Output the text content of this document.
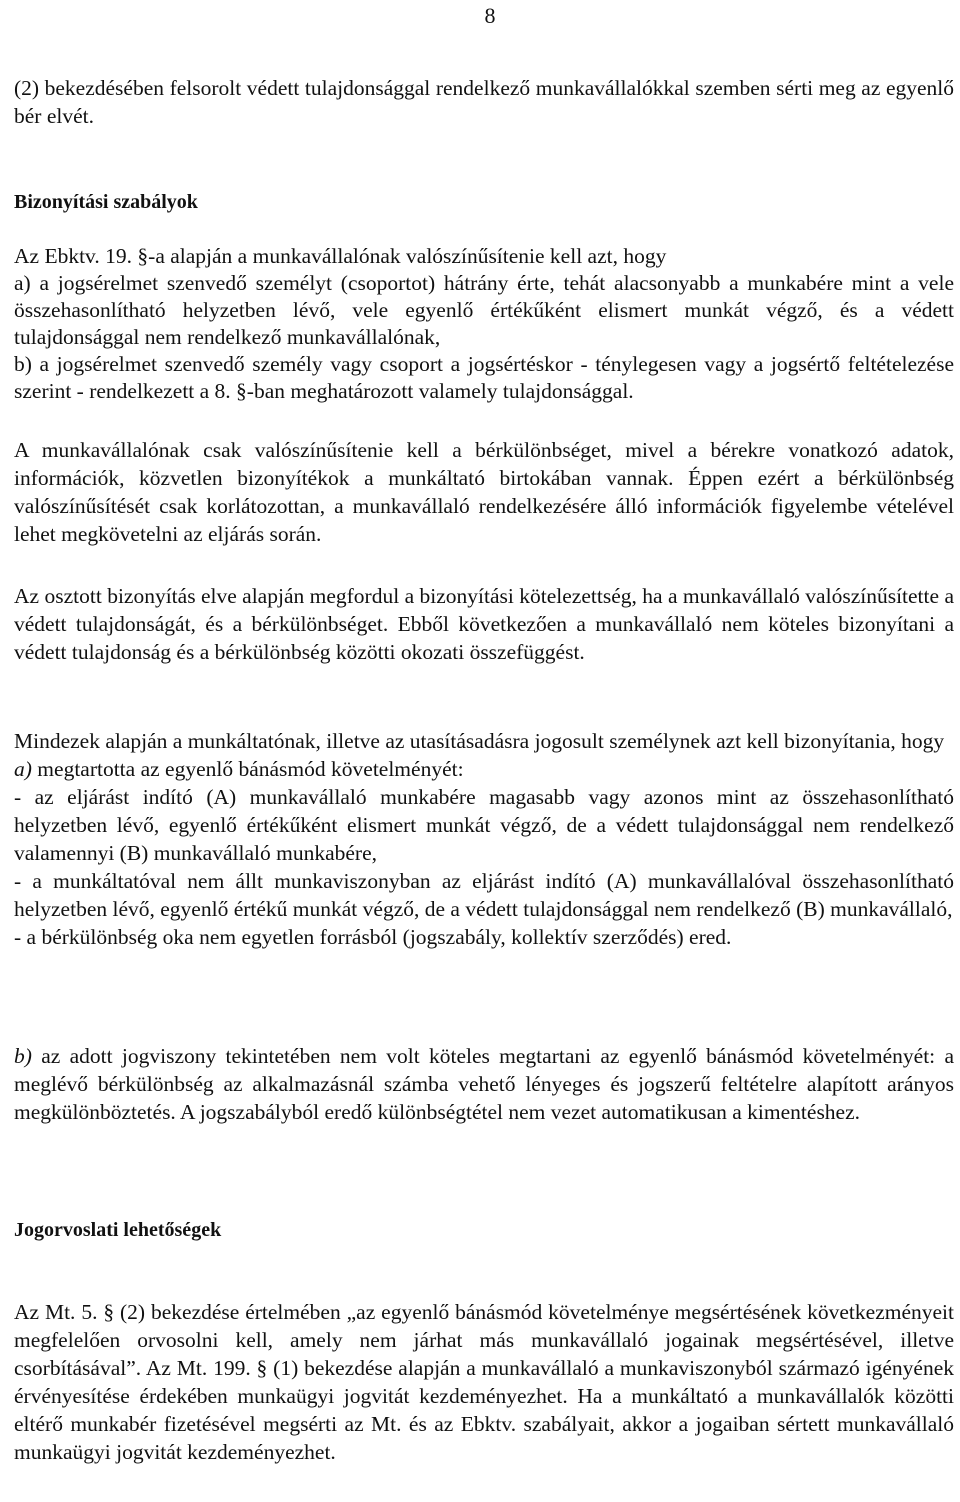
8

(2) bekezdésében felsorolt védett tulajdonsággal rendelkező munkavállalókkal szemben sérti meg az egyenlő bér elvét.

Bizonyítási szabályok

Az Ebktv. 19. §-a alapján a munkavállalónak valószínűsítenie kell azt, hogy
a) a jogsérelmet szenvedő személyt (csoportot) hátrány érte, tehát alacsonyabb a munkabére mint a vele összehasonlítható helyzetben lévő, vele egyenlő értékűként elismert munkát végző, és a védett tulajdonsággal nem rendelkező munkavállalónak,
b) a jogsérelmet szenvedő személy vagy csoport a jogsértéskor - ténylegesen vagy a jogsértő feltételezése szerint - rendelkezett a 8. §-ban meghatározott valamely tulajdonsággal.

A munkavállalónak csak valószínűsítenie kell a bérkülönbséget, mivel a bérekre vonatkozó adatok, információk, közvetlen bizonyítékok a munkáltató birtokában vannak. Éppen ezért a bérkülönbség valószínűsítését csak korlátozottan, a munkavállaló rendelkezésére álló információk figyelembe vételével lehet megkövetelni az eljárás során.

Az osztott bizonyítás elve alapján megfordul a bizonyítási kötelezettség, ha a munkavállaló valószínűsítette a védett tulajdonságát, és a bérkülönbséget. Ebből következően a munkavállaló nem köteles bizonyítani a védett tulajdonság és a bérkülönbség közötti okozati összefüggést.

Mindezek alapján a munkáltatónak, illetve az utasításadásra jogosult személynek azt kell bizonyítania, hogy
a) megtartotta az egyenlő bánásmód követelményét:
- az eljárást indító (A) munkavállaló munkabére magasabb vagy azonos mint az összehasonlítható helyzetben lévő, egyenlő értékűként elismert munkát végző, de a védett tulajdonsággal nem rendelkező valamennyi (B) munkavállaló munkabére,
- a munkáltatóval nem állt munkaviszonyban az eljárást indító (A) munkavállalóval összehasonlítható helyzetben lévő, egyenlő értékű munkát végző, de a védett tulajdonsággal nem rendelkező (B) munkavállaló,
- a bérkülönbség oka nem egyetlen forrásból (jogszabály, kollektív szerződés) ered.

b) az adott jogviszony tekintetében nem volt köteles megtartani az egyenlő bánásmód követelményét: a meglévő bérkülönbség az alkalmazásnál számba vehető lényeges és jogszerű feltételre alapított arányos megkülönböztetés. A jogszabályból eredő különbségtétel nem vezet automatikusan a kimentéshez.

Jogorvoslati lehetőségek

Az Mt. 5. § (2) bekezdése értelmében „az egyenlő bánásmód követelménye megsértésének következményeit megfelelően orvosolni kell, amely nem járhat más munkavállaló jogainak megsértésével, illetve csorbításával”. Az Mt. 199. § (1) bekezdése alapján a munkavállaló a munkaviszonyból származó igényének érvényesítése érdekében munkaügyi jogvitát kezdeményezhet. Ha a munkáltató a munkavállalók közötti eltérő munkabér fizetésével megsérti az Mt. és az Ebktv. szabályait, akkor a jogaiban sértett munkavállaló munkaügyi jogvitát kezdeményezhet.
